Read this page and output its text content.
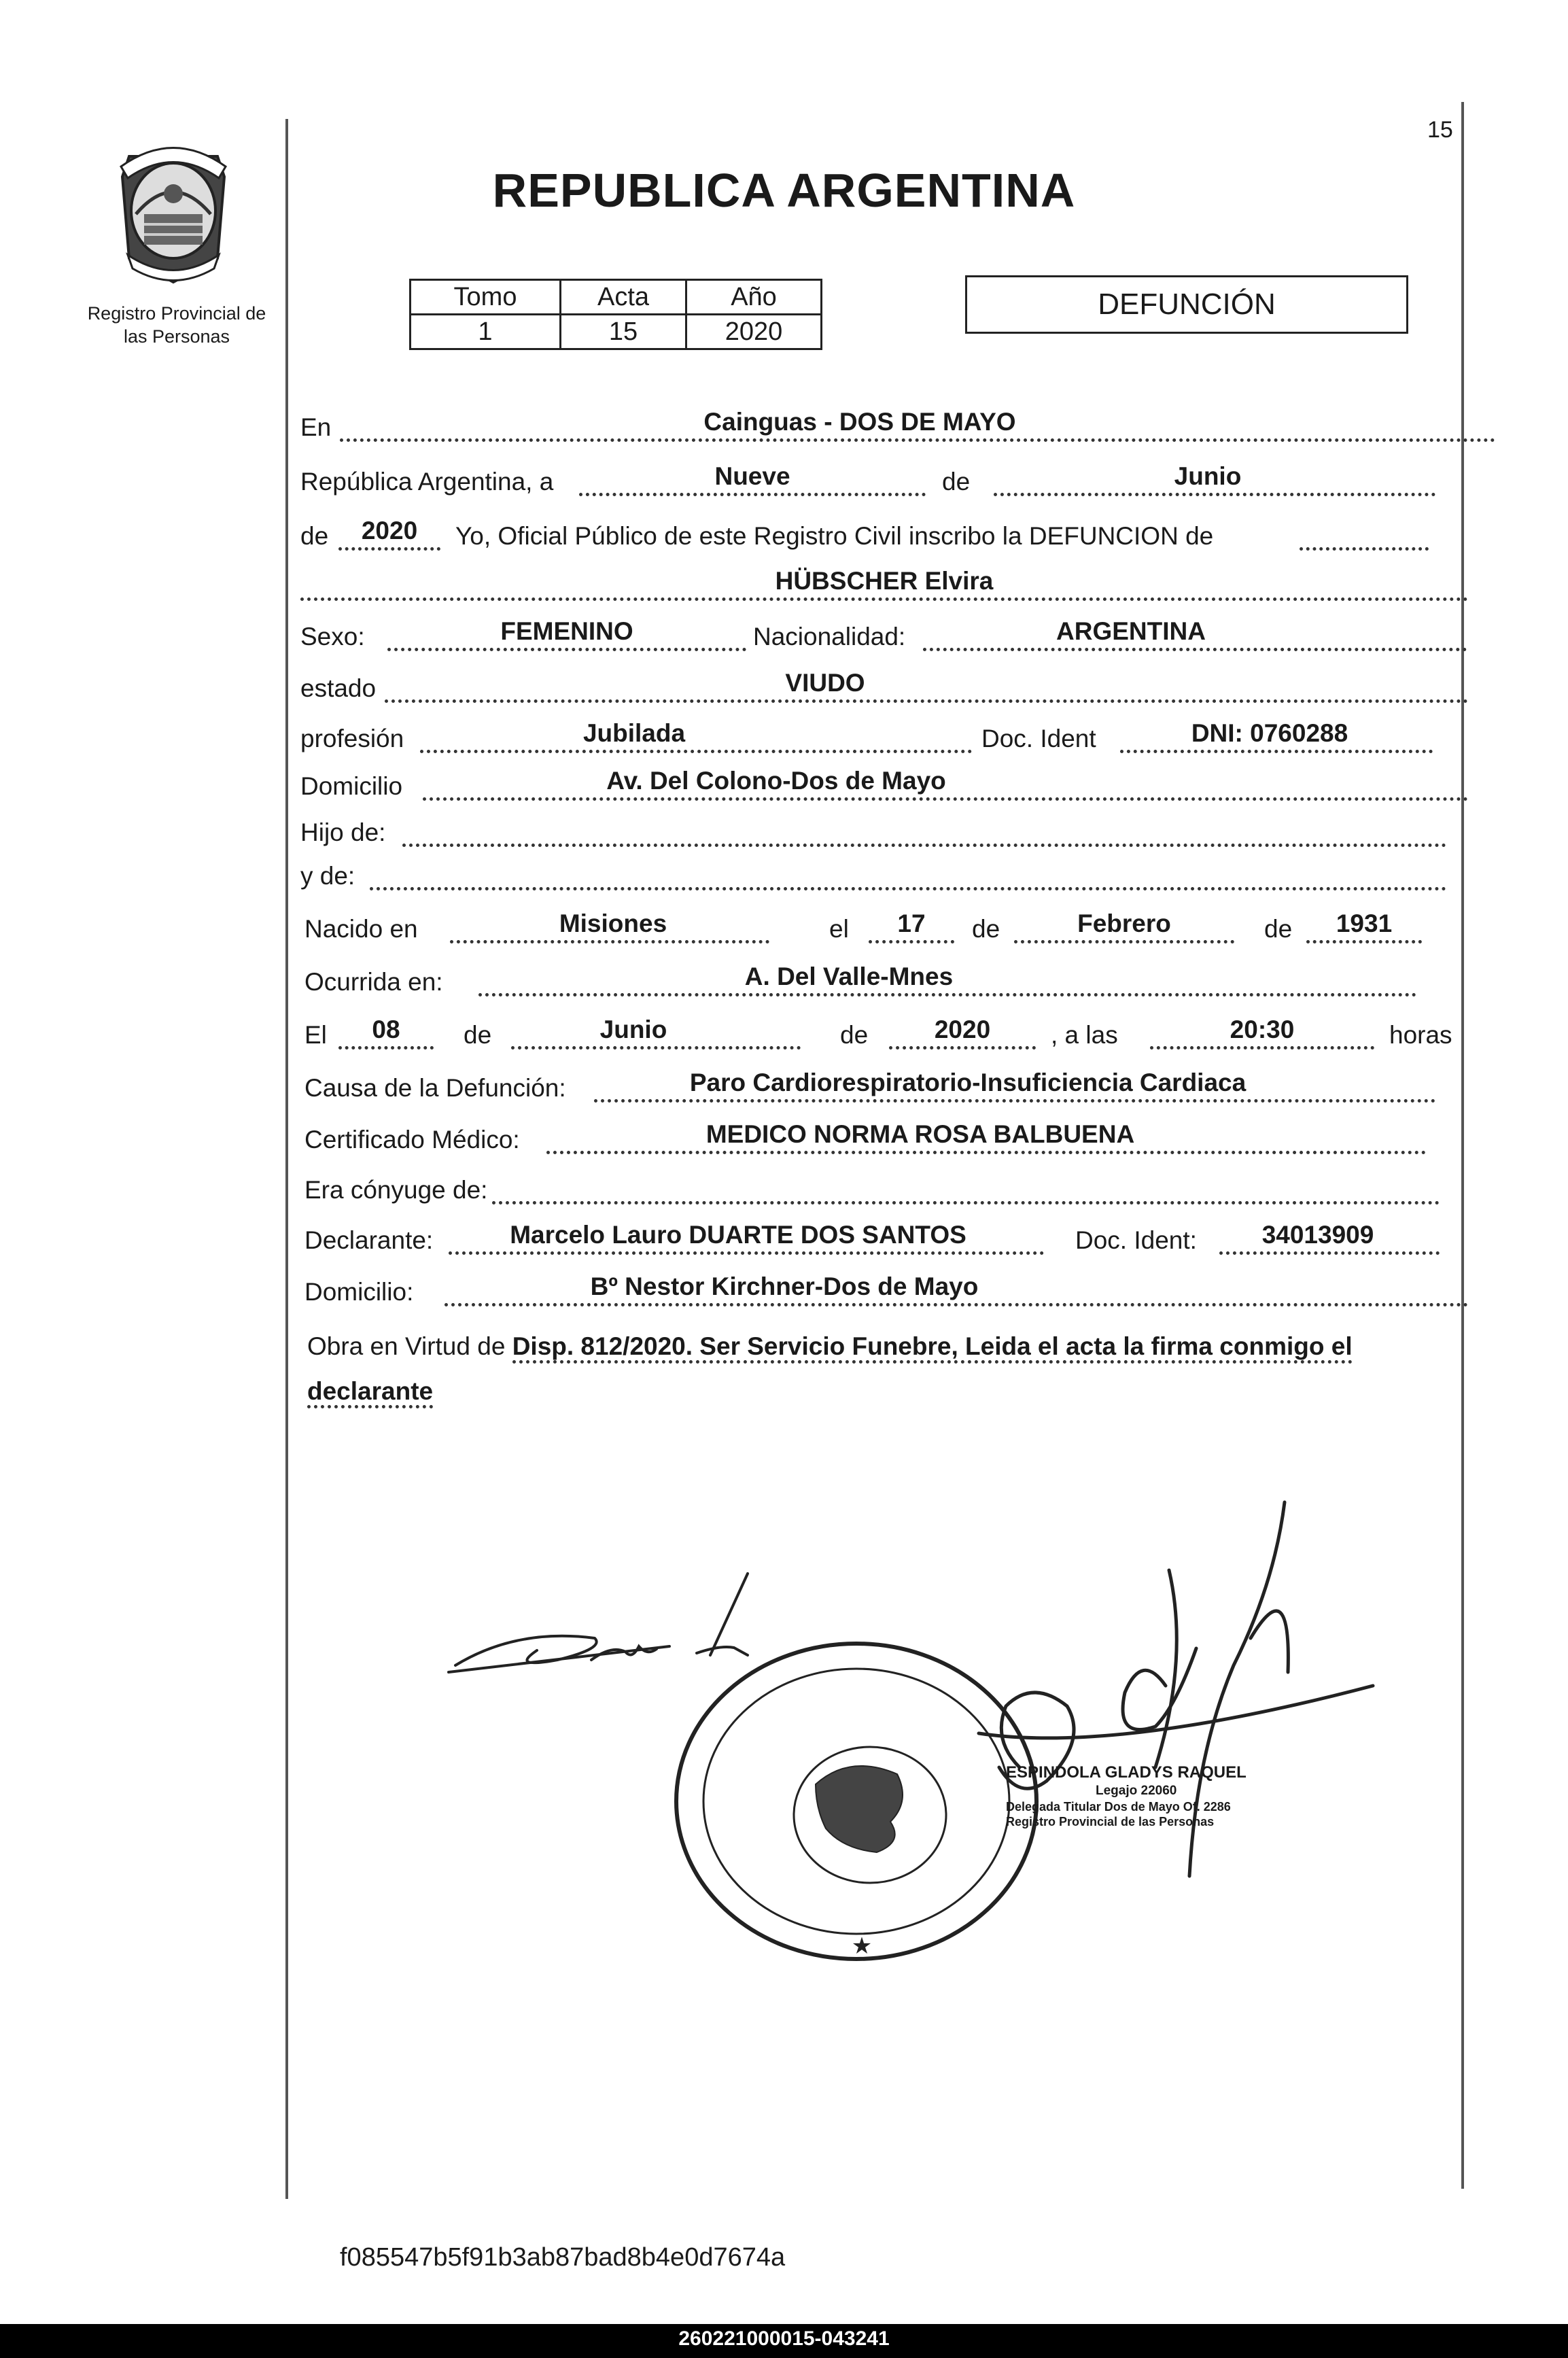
Registro Provincial de
las Personas
15
REPUBLICA ARGENTINA
Tomo	Acta	Año
1	15	2020
DEFUNCIÓN
En	Cainguas - DOS DE MAYO
República Argentina, a	Nueve	de	Junio
de	2020	Yo, Oficial Público de este Registro Civil inscribo la DEFUNCION de
HÜBSCHER Elvira
Sexo:	FEMENINO	Nacionalidad:	ARGENTINA
estado	VIUDO
profesión	Jubilada	Doc. Ident	DNI: 0760288
Domicilio	Av. Del Colono-Dos de Mayo
Hijo de:
y de:
Nacido en	Misiones	el	17	de	Febrero	de	1931
Ocurrida en:	A. Del Valle-Mnes
El	08	de	Junio	de	2020	, a las	20:30	horas
Causa de la Defunción:	Paro Cardiorespiratorio-Insuficiencia Cardiaca
Certificado Médico:	MEDICO NORMA ROSA BALBUENA
Era cónyuge de:
Declarante:	Marcelo Lauro DUARTE DOS SANTOS	Doc. Ident:	34013909
Domicilio:	Bº Nestor Kirchner-Dos de Mayo
Obra en Virtud de Disp. 812/2020. Ser Servicio Funebre, Leida el acta la firma conmigo el declarante
★
ESPINDOLA GLADYS RAQUEL
Legajo 22060
Delegada Titular Dos de Mayo Of. 2286
Registro Provincial de las Personas
f085547b5f91b3ab87bad8b4e0d7674a
260221000015-043241
